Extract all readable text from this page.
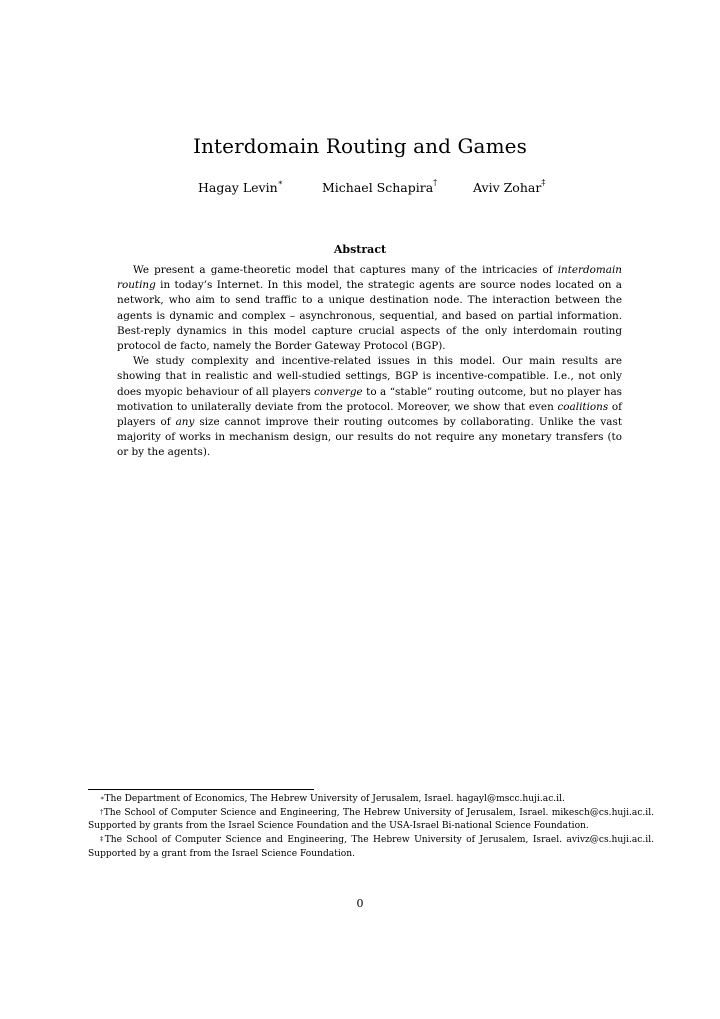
Interdomain Routing and Games
Hagay Levin∗	Michael Schapira†	Aviv Zohar‡
Abstract

We present a game-theoretic model that captures many of the intricacies of interdomain routing in today’s Internet. In this model, the strategic agents are source nodes located on a network, who aim to send traffic to a unique destination node. The interaction between the agents is dynamic and complex – asynchronous, sequential, and based on partial information. Best-reply dynamics in this model capture crucial aspects of the only interdomain routing protocol de facto, namely the Border Gateway Protocol (BGP).

We study complexity and incentive-related issues in this model. Our main results are showing that in realistic and well-studied settings, BGP is incentive-compatible. I.e., not only does myopic behaviour of all players converge to a “stable” routing outcome, but no player has motivation to unilaterally deviate from the protocol. Moreover, we show that even coalitions of players of any size cannot improve their routing outcomes by collaborating. Unlike the vast majority of works in mechanism design, our results do not require any monetary transfers (to or by the agents).

∗The Department of Economics, The Hebrew University of Jerusalem, Israel. hagayl@mscc.huji.ac.il.

†The School of Computer Science and Engineering, The Hebrew University of Jerusalem, Israel. mikesch@cs.huji.ac.il. Supported by grants from the Israel Science Foundation and the USA-Israel Bi-national Science Foundation.

‡The School of Computer Science and Engineering, The Hebrew University of Jerusalem, Israel. avivz@cs.huji.ac.il. Supported by a grant from the Israel Science Foundation.

0
